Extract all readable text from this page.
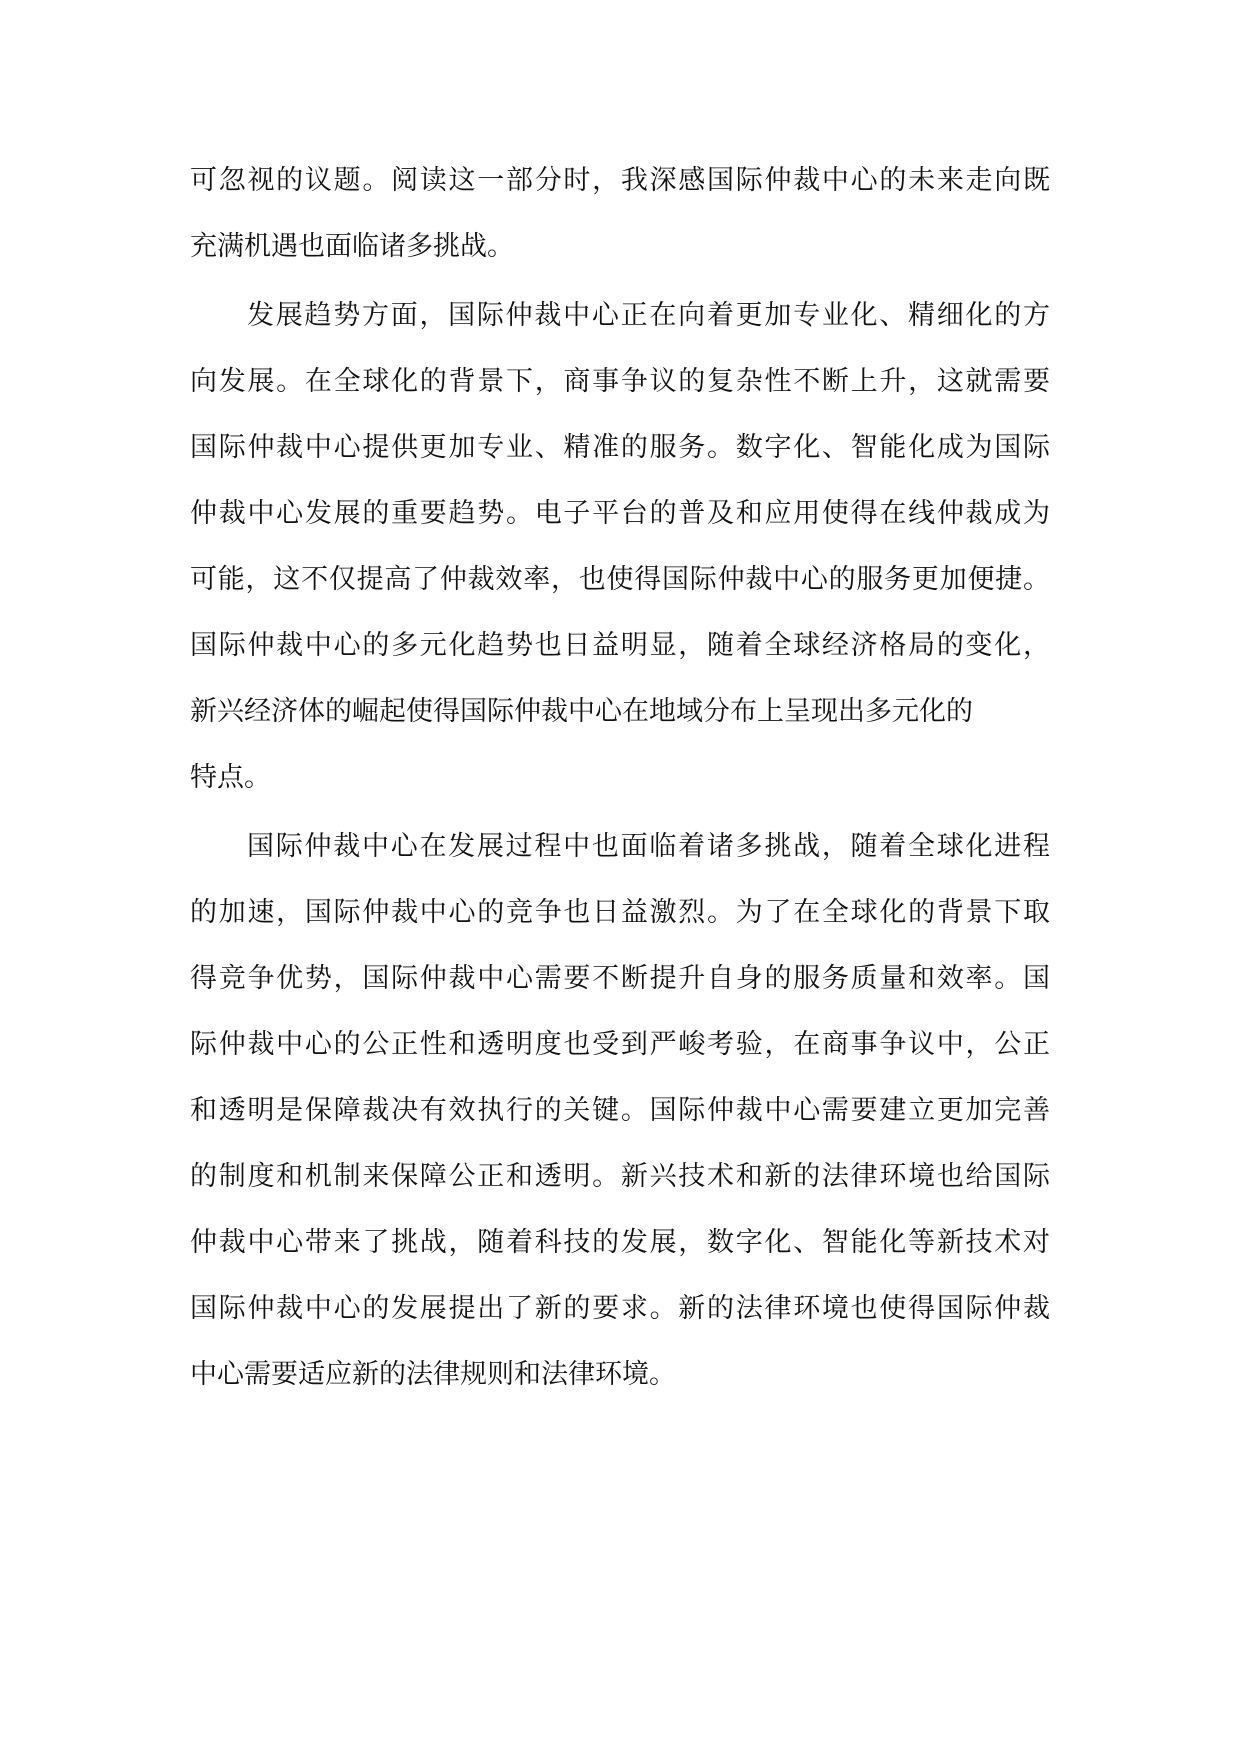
可忽视的议题。阅读这一部分时，我深感国际仲裁中心的未来走向既
充满机遇也面临诸多挑战。
发展趋势方面，国际仲裁中心正在向着更加专业化、精细化的方
向发展。在全球化的背景下，商事争议的复杂性不断上升，这就需要
国际仲裁中心提供更加专业、精准的服务。数字化、智能化成为国际
仲裁中心发展的重要趋势。电子平台的普及和应用使得在线仲裁成为
可能，这不仅提高了仲裁效率，也使得国际仲裁中心的服务更加便捷。
国际仲裁中心的多元化趋势也日益明显，随着全球经济格局的变化，
新兴经济体的崛起使得国际仲裁中心在地域分布上呈现出多元化的
特点。
国际仲裁中心在发展过程中也面临着诸多挑战，随着全球化进程
的加速，国际仲裁中心的竞争也日益激烈。为了在全球化的背景下取
得竞争优势，国际仲裁中心需要不断提升自身的服务质量和效率。国
际仲裁中心的公正性和透明度也受到严峻考验，在商事争议中，公正
和透明是保障裁决有效执行的关键。国际仲裁中心需要建立更加完善
的制度和机制来保障公正和透明。新兴技术和新的法律环境也给国际
仲裁中心带来了挑战，随着科技的发展，数字化、智能化等新技术对
国际仲裁中心的发展提出了新的要求。新的法律环境也使得国际仲裁
中心需要适应新的法律规则和法律环境。
